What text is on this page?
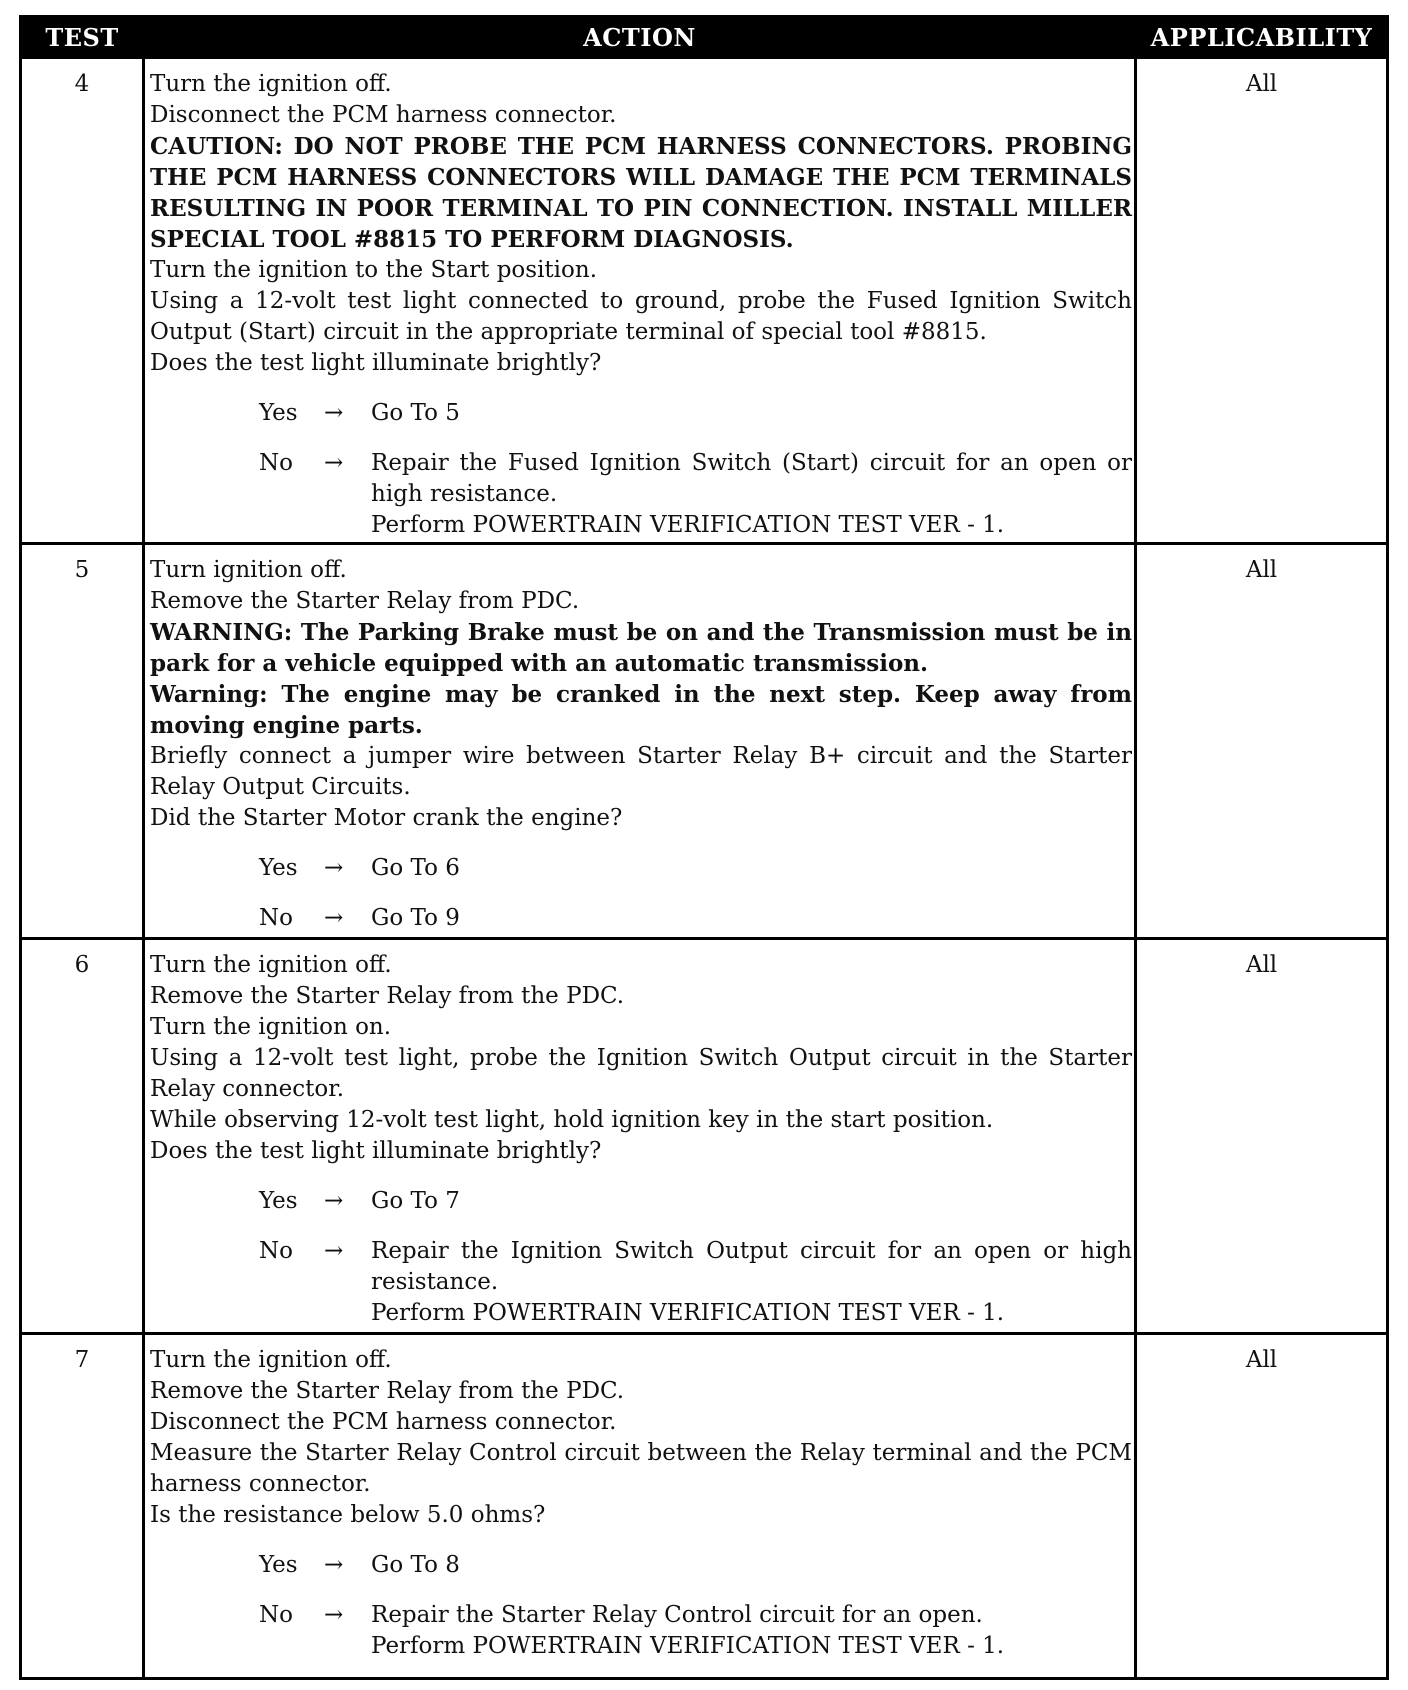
TEST	ACTION	APPLICABILITY
4	Turn the ignition off.

Disconnect the PCM harness connector.

CAUTION: DO NOT PROBE THE PCM HARNESS CONNECTORS. PROBING THE PCM HARNESS CONNECTORS WILL DAMAGE THE PCM TERMINALS RESULTING IN POOR TERMINAL TO PIN CONNECTION. INSTALL MILLER SPECIAL TOOL #8815 TO PERFORM DIAGNOSIS.

Turn the ignition to the Start position.

Using a 12-volt test light connected to ground, probe the Fused Ignition Switch Output (Start) circuit in the appropriate terminal of special tool #8815.

Does the test light illuminate brightly?

Yes	→	Go To 5
No	→	Repair the Fused Ignition Switch (Start) circuit for an open or high resistance.

Perform POWERTRAIN VERIFICATION TEST VER - 1.

All
5	Turn ignition off.

Remove the Starter Relay from PDC.

WARNING: The Parking Brake must be on and the Transmission must be in park for a vehicle equipped with an automatic transmission.

Warning: The engine may be cranked in the next step. Keep away from moving engine parts.

Briefly connect a jumper wire between Starter Relay B+ circuit and the Starter Relay Output Circuits.

Did the Starter Motor crank the engine?

Yes	→	Go To 6
No	→	Go To 9
All
6	Turn the ignition off.

Remove the Starter Relay from the PDC.

Turn the ignition on.

Using a 12-volt test light, probe the Ignition Switch Output circuit in the Starter Relay connector.

While observing 12-volt test light, hold ignition key in the start position.

Does the test light illuminate brightly?

Yes	→	Go To 7
No	→	Repair the Ignition Switch Output circuit for an open or high resistance.

Perform POWERTRAIN VERIFICATION TEST VER - 1.

All
7	Turn the ignition off.

Remove the Starter Relay from the PDC.

Disconnect the PCM harness connector.

Measure the Starter Relay Control circuit between the Relay terminal and the PCM harness connector.

Is the resistance below 5.0 ohms?

Yes	→	Go To 8
No	→	Repair the Starter Relay Control circuit for an open.

Perform POWERTRAIN VERIFICATION TEST VER - 1.

All
